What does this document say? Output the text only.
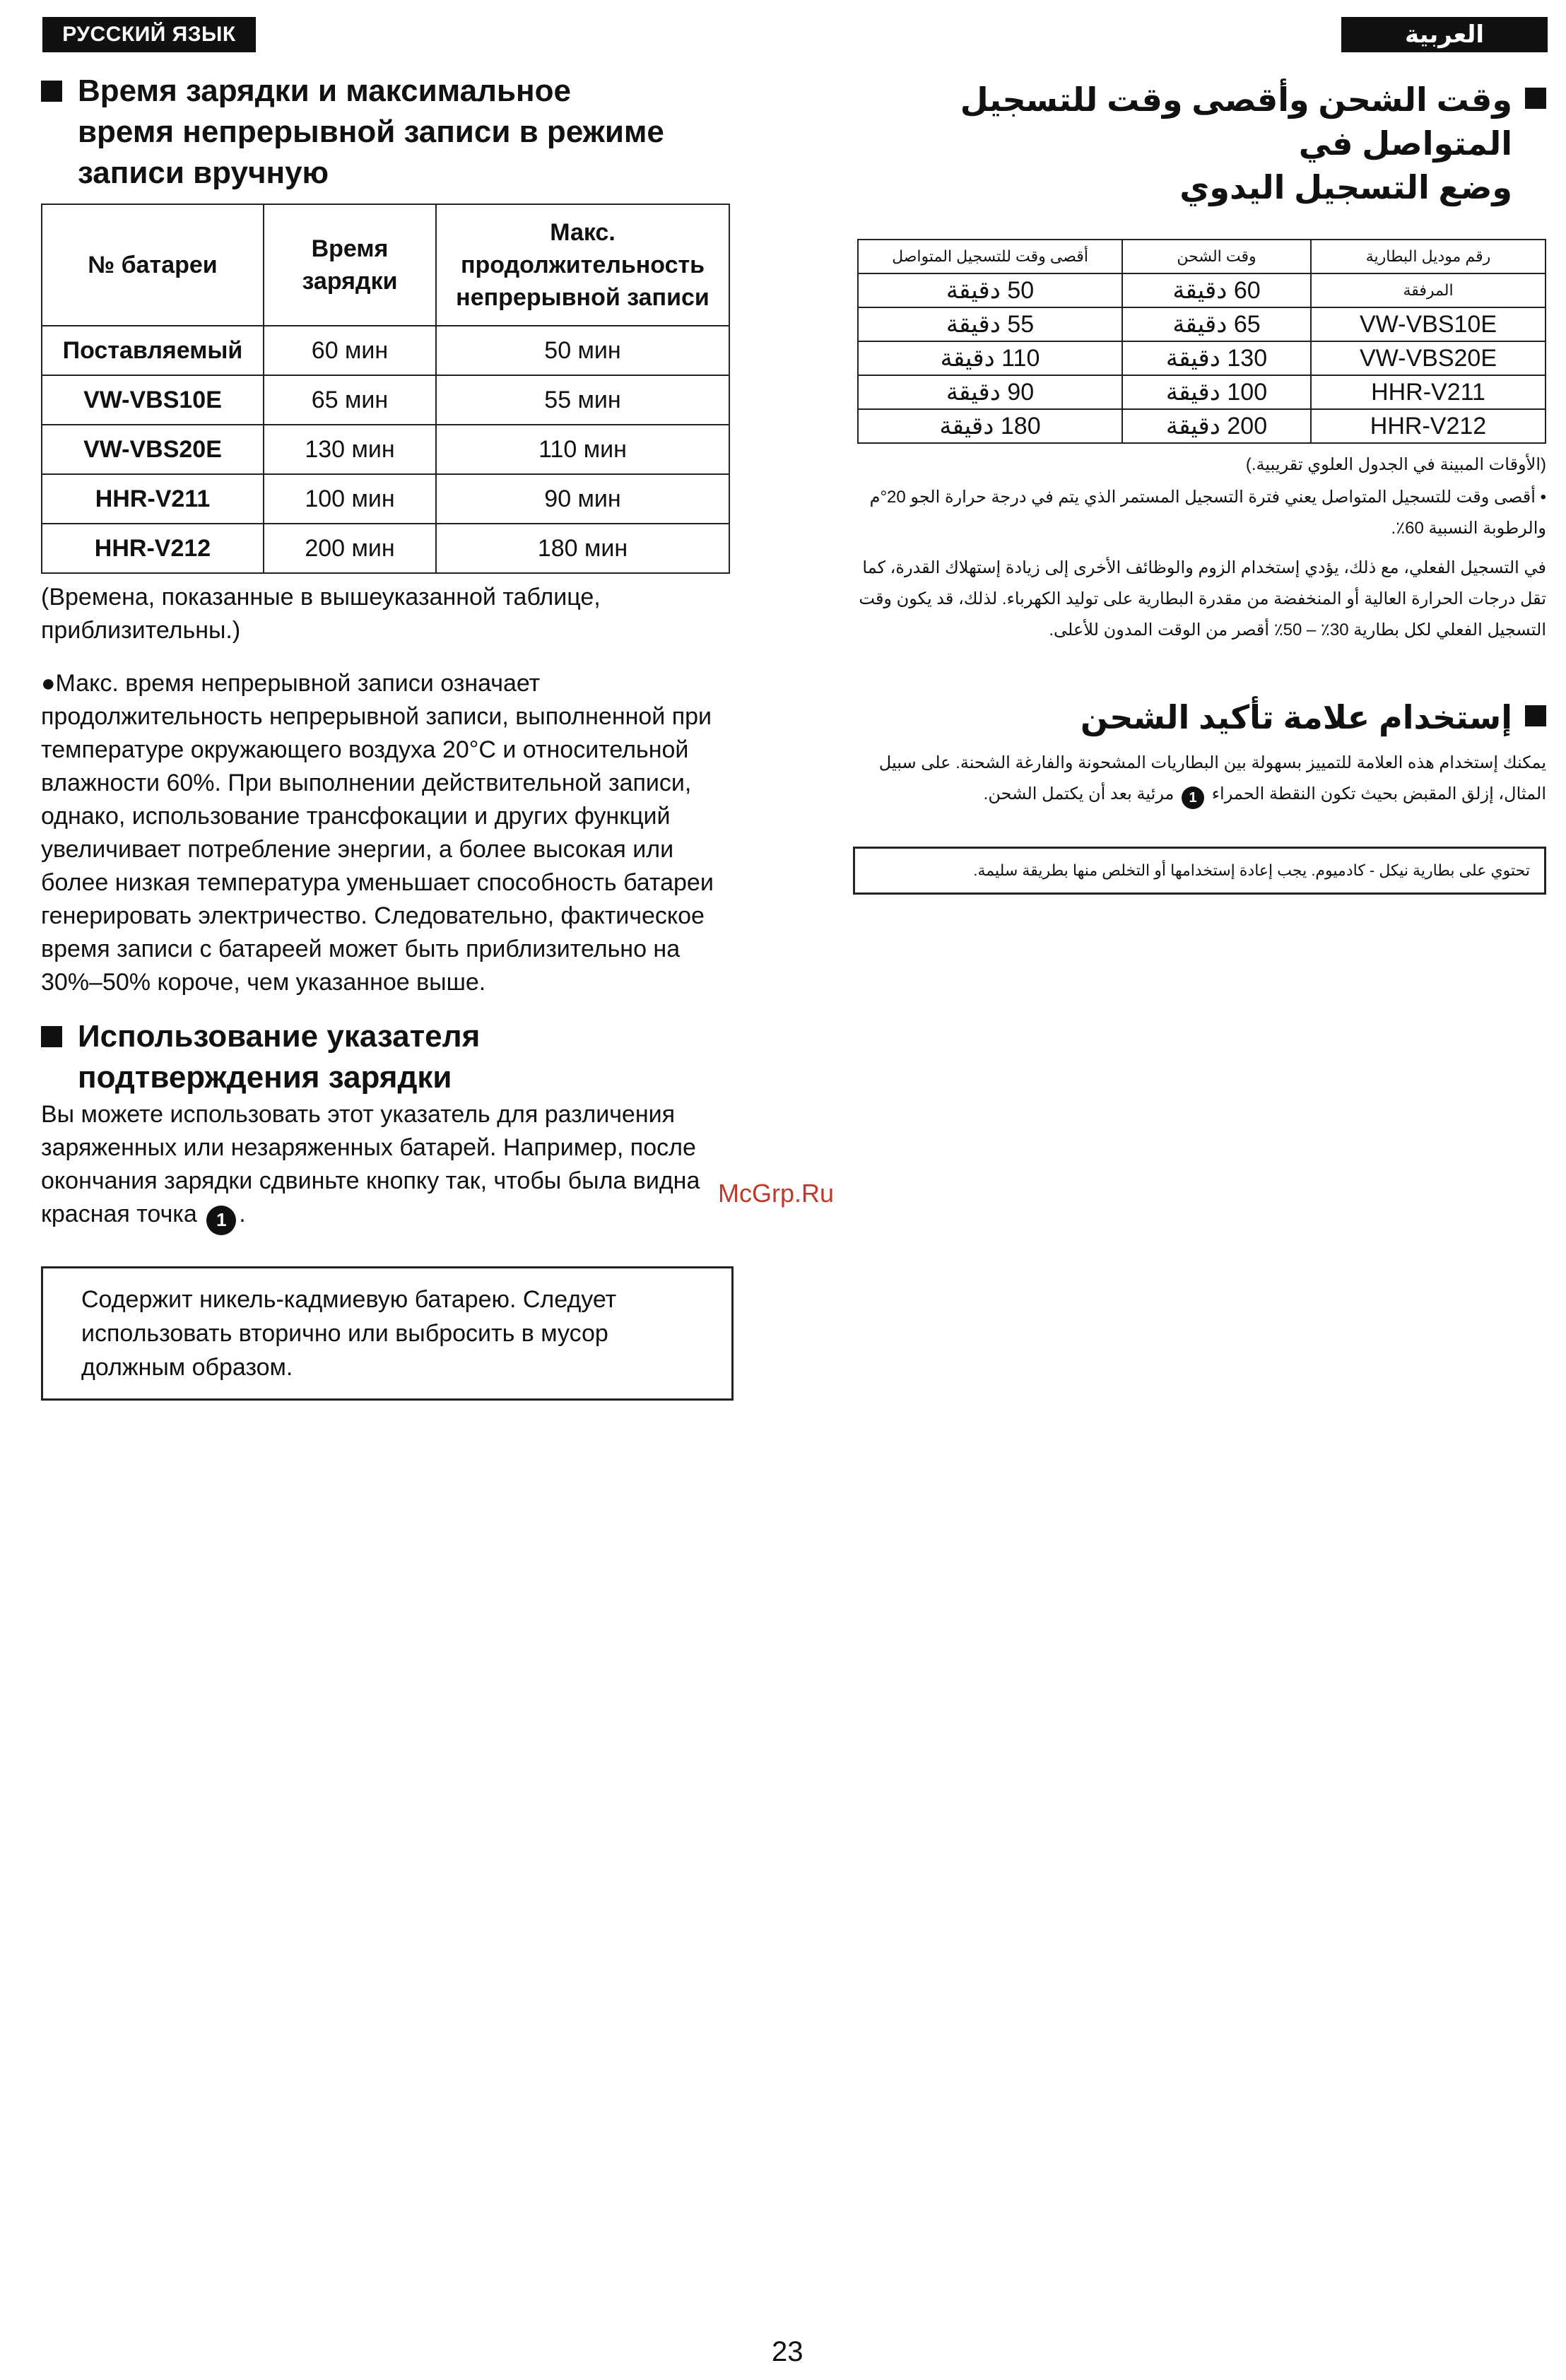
РУССКИЙ ЯЗЫК	العربية
Время зарядки и максимальное
время непрерывной записи в режиме
записи вручную
№ батареи	Время зарядки	Макс. продолжительность непрерывной записи
Поставляемый	60 мин	50 мин
VW-VBS10E	65 мин	55 мин
VW-VBS20E	130 мин	110 мин
HHR-V211	100 мин	90 мин
HHR-V212	200 мин	180 мин
(Времена, показанные в вышеуказанной таблице, приблизительны.)
●Макс. время непрерывной записи означает продолжительность непрерывной записи, выполненной при температуре окружающего воздуха 20°C и относительной влажности 60%. При выполнении действительной записи, однако, использование трансфокации и других функций увеличивает потребление энергии, а более высокая или более низкая температура уменьшает способность батареи генерировать электричество. Следовательно, фактическое время записи с батареей может быть приблизительно на 30%–50% короче, чем указанное выше.
Использование указателя
подтверждения зарядки
Вы можете использовать этот указатель для различения заряженных или незаряженных батарей. Например, после окончания зарядки сдвиньте кнопку так, чтобы была видна красная точка 1 .
Содержит никель-кадмиевую батарею. Следует использовать вторично или выбросить в мусор должным образом.
وقت الشحن وأقصى وقت للتسجيل المتواصل في
وضع التسجيل اليدوي
رقم موديل البطارية	وقت الشحن	أقصى وقت للتسجيل المتواصل
المرفقة	60 دقيقة	50 دقيقة
VW-VBS10E	65 دقيقة	55 دقيقة
VW-VBS20E	130 دقيقة	110 دقيقة
HHR-V211	100 دقيقة	90 دقيقة
HHR-V212	200 دقيقة	180 دقيقة
(الأوقات المبينة في الجدول العلوي تقريبية.)
• أقصى وقت للتسجيل المتواصل يعني فترة التسجيل المستمر الذي يتم في درجة حرارة الجو 20°م والرطوبة النسبية 60٪.
في التسجيل الفعلي، مع ذلك، يؤدي إستخدام الزوم والوظائف الأخرى إلى زيادة إستهلاك القدرة، كما تقل درجات الحرارة العالية أو المنخفضة من مقدرة البطارية على توليد الكهرباء. لذلك، قد يكون وقت التسجيل الفعلي لكل بطارية 30٪ – 50٪ أقصر من الوقت المدون للأعلى.
إستخدام علامة تأكيد الشحن
يمكنك إستخدام هذه العلامة للتمييز بسهولة بين البطاريات المشحونة والفارغة الشحنة. على سبيل المثال، إزلق المقبض بحيث تكون النقطة الحمراء 1 مرئية بعد أن يكتمل الشحن.
تحتوي على بطارية نيكل - كادميوم. يجب إعادة إستخدامها أو التخلص منها بطريقة سليمة.
McGrp.Ru
23
